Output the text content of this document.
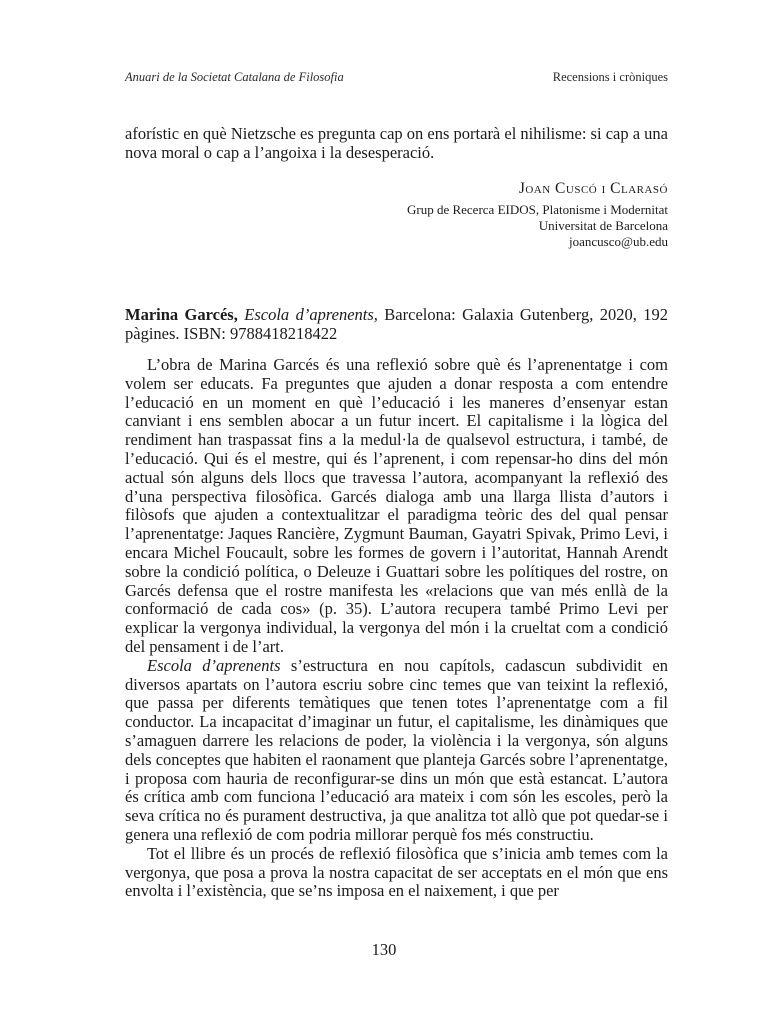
Anuari de la Societat Catalana de Filosofia	Recensions i cròniques

aforístic en què Nietzsche es pregunta cap on ens portarà el nihilisme: si cap a una nova moral o cap a l’angoixa i la desesperació.

Joan Cuscó i Clarasó
Grup de Recerca EIDOS, Platonisme i Modernitat
Universitat de Barcelona
joancusco@ub.edu

Marina Garcés, Escola d’aprenents, Barcelona: Galaxia Gutenberg, 2020, 192 pàgines. ISBN: 9788418218422

L’obra de Marina Garcés és una reflexió sobre què és l’aprenentatge i com volem ser educats. Fa preguntes que ajuden a donar resposta a com entendre l’educació en un moment en què l’educació i les maneres d’ensenyar estan canviant i ens semblen abocar a un futur incert. El capitalisme i la lògica del rendiment han traspassat fins a la medul·la de qualsevol estructura, i també, de l’educació. Qui és el mestre, qui és l’aprenent, i com repensar-ho dins del món actual són alguns dels llocs que travessa l’autora, acompanyant la reflexió des d’una perspectiva filosòfica. Garcés dialoga amb una llarga llista d’autors i filòsofs que ajuden a contextualitzar el paradigma teòric des del qual pensar l’aprenentatge: Jaques Rancière, Zygmunt Bauman, Gayatri Spivak, Primo Levi, i encara Michel Foucault, sobre les formes de govern i l’autoritat, Hannah Arendt sobre la condició política, o Deleuze i Guattari sobre les polítiques del rostre, on Garcés defensa que el rostre manifesta les «relacions que van més enllà de la conformació de cada cos» (p. 35). L’autora recupera també Primo Levi per explicar la vergonya individual, la vergonya del món i la crueltat com a condició del pensament i de l’art.

Escola d’aprenents s’estructura en nou capítols, cadascun subdividit en diversos apartats on l’autora escriu sobre cinc temes que van teixint la reflexió, que passa per diferents temàtiques que tenen totes l’aprenentatge com a fil conductor. La incapacitat d’imaginar un futur, el capitalisme, les dinàmiques que s’amaguen darrere les relacions de poder, la violència i la vergonya, són alguns dels conceptes que habiten el raonament que planteja Garcés sobre l’aprenentatge, i proposa com hauria de reconfigurar-se dins un món que està estancat. L’autora és crítica amb com funciona l’educació ara mateix i com són les escoles, però la seva crítica no és purament destructiva, ja que analitza tot allò que pot quedar-se i genera una reflexió de com podria millorar perquè fos més constructiu.

Tot el llibre és un procés de reflexió filosòfica que s’inicia amb temes com la vergonya, que posa a prova la nostra capacitat de ser acceptats en el món que ens envolta i l’existència, que se’ns imposa en el naixement, i que per

130
